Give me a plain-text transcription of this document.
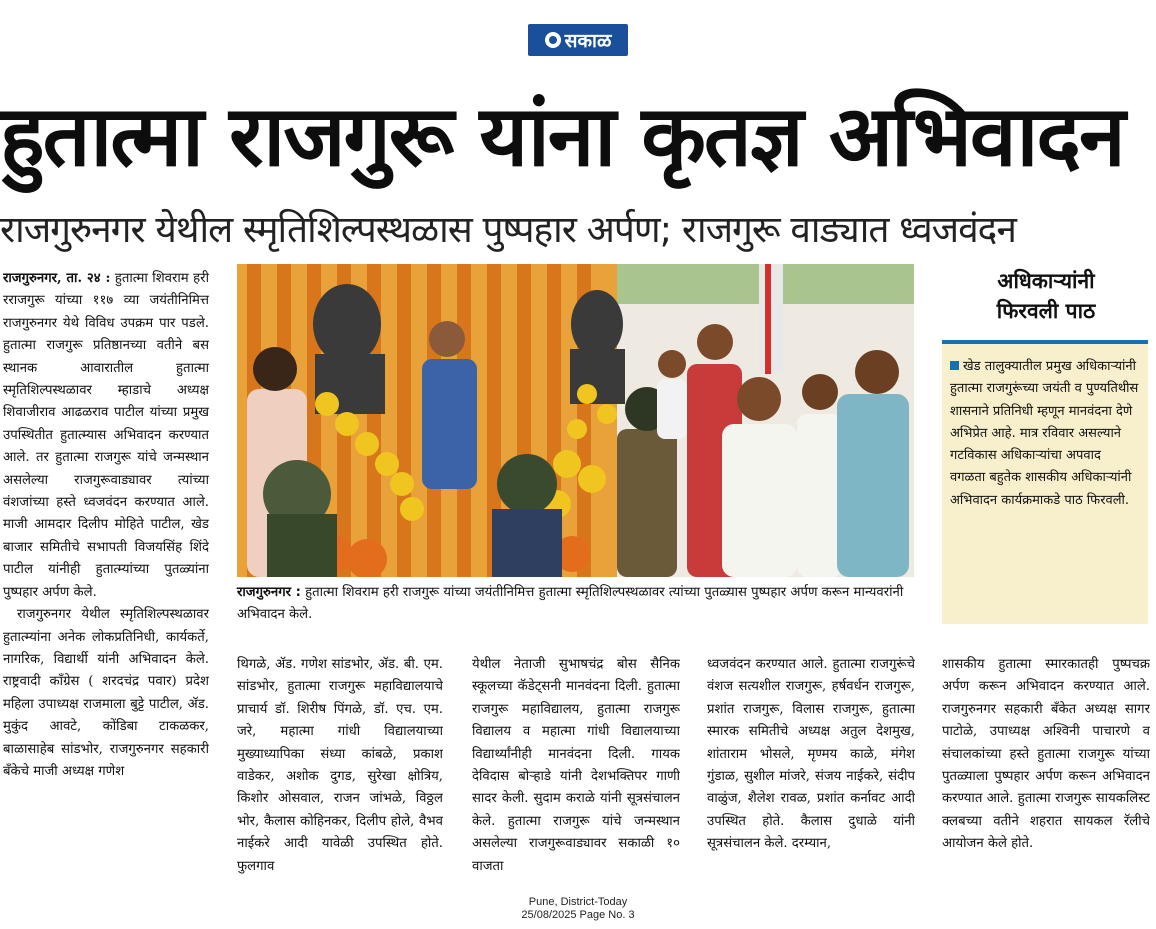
सकाळ
हुतात्मा राजगुरू यांना कृतज्ञ अभिवादन
राजगुरुनगर येथील स्मृतिशिल्पस्थळास पुष्पहार अर्पण; राजगुरू वाड्यात ध्वजवंदन

राजगुरुनगर, ता. २४ : हुतात्मा शिवराम हरी रराजगुरू यांच्या ११७ व्या जयंतीनिमित्त राजगुरुनगर येथे विविध उपक्रम पार पडले. हुतात्मा राजगुरू प्रतिष्ठानच्या वतीने बस स्थानक आवारातील हुतात्मा स्मृतिशिल्पस्थळावर म्हाडाचे अध्यक्ष शिवाजीराव आढळराव पाटील यांच्या प्रमुख उपस्थितीत हुतात्म्यास अभिवादन करण्यात आले. तर हुतात्मा राजगुरू यांचे जन्मस्थान असलेल्या राजगुरूवाड्यावर त्यांच्या वंशजांच्या हस्ते ध्वजवंदन करण्यात आले. माजी आमदार दिलीप मोहिते पाटील, खेड बाजार समितीचे सभापती विजयसिंह शिंदे पाटील यांनीही हुतात्म्यांच्या पुतळ्यांना पुष्पहार अर्पण केले.

राजगुरुनगर येथील स्मृतिशिल्पस्थळावर हुतात्म्यांना अनेक लोकप्रतिनिधी, कार्यकर्ते, नागरिक, विद्यार्थी यांनी अभिवादन केले. राष्ट्रवादी काँग्रेस ( शरदचंद्र पवार) प्रदेश महिला उपाध्यक्ष राजमाला बुट्टे पाटील, ॲड. मुकुंद आवटे, कोंडिबा टाकळकर, बाळासाहेब सांडभोर, राजगुरुनगर सहकारी बँकेचे माजी अध्यक्ष गणेश

राजगुरुनगर : हुतात्मा शिवराम हरी राजगुरू यांच्या जयंतीनिमित्त हुतात्मा स्मृतिशिल्पस्थळावर त्यांच्या पुतळ्यास पुष्पहार अर्पण करून मान्यवरांनी अभिवादन केले.

थिगळे, ॲड. गणेश सांडभोर, ॲड. बी. एम. सांडभोर, हुतात्मा राजगुरू महाविद्यालयाचे प्राचार्य डॉ. शिरीष पिंगळे, डॉ. एच. एम. जरे, महात्मा गांधी विद्यालयाच्या मुख्याध्यापिका संध्या कांबळे, प्रकाश वाडेकर, अशोक दुगड, सुरेखा क्षोत्रिय, किशोर ओसवाल, राजन जांभळे, विठ्ठल भोर, कैलास कोहिनकर, दिलीप होले, वैभव नाईकरे आदी यावेळी उपस्थित होते. फुलगाव

येथील नेताजी सुभाषचंद्र बोस सैनिक स्कूलच्या कॅडेट्सनी मानवंदना दिली. हुतात्मा राजगुरू महाविद्यालय, हुतात्मा राजगुरू विद्यालय व महात्मा गांधी विद्यालयाच्या विद्यार्थ्यांनीही मानवंदना दिली. गायक देविदास बोऱ्हाडे यांनी देशभक्तिपर गाणी सादर केली. सुदाम कराळे यांनी सूत्रसंचालन केले. हुतात्मा राजगुरू यांचे जन्मस्थान असलेल्या राजगुरूवाड्यावर सकाळी १० वाजता

ध्वजवंदन करण्यात आले. हुतात्मा राजगुरूंचे वंशज सत्यशील राजगुरू, हर्षवर्धन राजगुरू, प्रशांत राजगुरू, विलास राजगुरू, हुतात्मा स्मारक समितीचे अध्यक्ष अतुल देशमुख, शांताराम भोसले, मृण्मय काळे, मंगेश गुंडाळ, सुशील मांजरे, संजय नाईकरे, संदीप वाळुंज, शैलेश रावळ, प्रशांत कर्नावट आदी उपस्थित होते. कैलास दुधाळे यांनी सूत्रसंचालन केले. दरम्यान,

शासकीय हुतात्मा स्मारकातही पुष्पचक्र अर्पण करून अभिवादन करण्यात आले. राजगुरुनगर सहकारी बँकेत अध्यक्ष सागर पाटोळे, उपाध्यक्ष अश्विनी पाचारणे व संचालकांच्या हस्ते हुतात्मा राजगुरू यांच्या पुतळ्याला पुष्पहार अर्पण करून अभिवादन करण्यात आले. हुतात्मा राजगुरू सायकलिस्ट क्लबच्या वतीने शहरात सायकल रॅलीचे आयोजन केले होते.

अधिकाऱ्यांनी
फिरवली पाठ
खेड तालुक्यातील प्रमुख अधिकाऱ्यांनी हुतात्मा राजगुरूंच्या जयंती व पुण्यतिथीस शासनाने प्रतिनिधी म्हणून मानवंदना देणे अभिप्रेत आहे. मात्र रविवार असल्याने गटविकास अधिकाऱ्यांचा अपवाद वगळता बहुतेक शासकीय अधिकाऱ्यांनी अभिवादन कार्यक्रमाकडे पाठ फिरवली.
Pune, District-Today
25/08/2025 Page No. 3
